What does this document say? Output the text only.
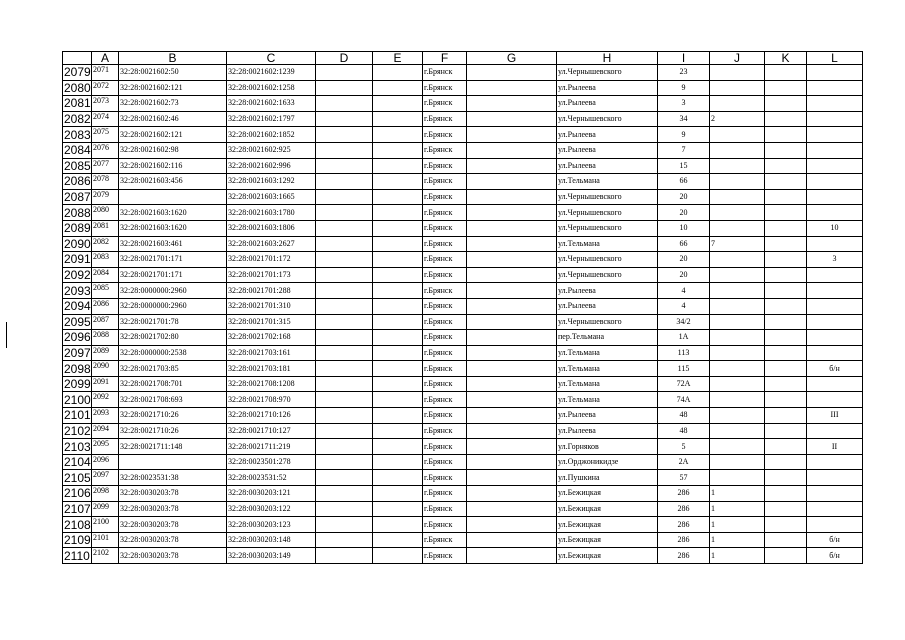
	A	B	C	D	E	F	G	H	I	J	K	L
2079	2071	32:28:0021602:50	32:28:0021602:1239			г.Брянск		ул.Чернышевского	23			
2080	2072	32:28:0021602:121	32:28:0021602:1258			г.Брянск		ул.Рылеева	9			
2081	2073	32:28:0021602:73	32:28:0021602:1633			г.Брянск		ул.Рылеева	3			
2082	2074	32:28:0021602:46	32:28:0021602:1797			г.Брянск		ул.Чернышевского	34	2		
2083	2075	32:28:0021602:121	32:28:0021602:1852			г.Брянск		ул.Рылеева	9			
2084	2076	32:28:0021602:98	32:28:0021602:925			г.Брянск		ул.Рылеева	7			
2085	2077	32:28:0021602:116	32:28:0021602:996			г.Брянск		ул.Рылеева	15			
2086	2078	32:28:0021603:456	32:28:0021603:1292			г.Брянск		ул.Тельмана	66			
2087	2079		32:28:0021603:1665			г.Брянск		ул.Чернышевского	20			
2088	2080	32:28:0021603:1620	32:28:0021603:1780			г.Брянск		ул.Чернышевского	20			
2089	2081	32:28:0021603:1620	32:28:0021603:1806			г.Брянск		ул.Чернышевского	10			10
2090	2082	32:28:0021603:461	32:28:0021603:2627			г.Брянск		ул.Тельмана	66	7		
2091	2083	32:28:0021701:171	32:28:0021701:172			г.Брянск		ул.Чернышевского	20			3
2092	2084	32:28:0021701:171	32:28:0021701:173			г.Брянск		ул.Чернышевского	20			
2093	2085	32:28:0000000:2960	32:28:0021701:288			г.Брянск		ул.Рылеева	4			
2094	2086	32:28:0000000:2960	32:28:0021701:310			г.Брянск		ул.Рылеева	4			
2095	2087	32:28:0021701:78	32:28:0021701:315			г.Брянск		ул.Чернышевского	34/2			
2096	2088	32:28:0021702:80	32:28:0021702:168			г.Брянск		пер.Тельмана	1А			
2097	2089	32:28:0000000:2538	32:28:0021703:161			г.Брянск		ул.Тельмана	113			
2098	2090	32:28:0021703:85	32:28:0021703:181			г.Брянск		ул.Тельмана	115			б/н
2099	2091	32:28:0021708:701	32:28:0021708:1208			г.Брянск		ул.Тельмана	72А			
2100	2092	32:28:0021708:693	32:28:0021708:970			г.Брянск		ул.Тельмана	74А			
2101	2093	32:28:0021710:26	32:28:0021710:126			г.Брянск		ул.Рылеева	48			III
2102	2094	32:28:0021710:26	32:28:0021710:127			г.Брянск		ул.Рылеева	48			
2103	2095	32:28:0021711:148	32:28:0021711:219			г.Брянск		ул.Горняков	5			II
2104	2096		32:28:0023501:278			г.Брянск		ул.Орджоникидзе	2А			
2105	2097	32:28:0023531:38	32:28:0023531:52			г.Брянск		ул.Пушкина	57			
2106	2098	32:28:0030203:78	32:28:0030203:121			г.Брянск		ул.Бежицкая	286	1		
2107	2099	32:28:0030203:78	32:28:0030203:122			г.Брянск		ул.Бежицкая	286	1		
2108	2100	32:28:0030203:78	32:28:0030203:123			г.Брянск		ул.Бежицкая	286	1		
2109	2101	32:28:0030203:78	32:28:0030203:148			г.Брянск		ул.Бежицкая	286	1		б/н
2110	2102	32:28:0030203:78	32:28:0030203:149			г.Брянск		ул.Бежицкая	286	1		б/н
